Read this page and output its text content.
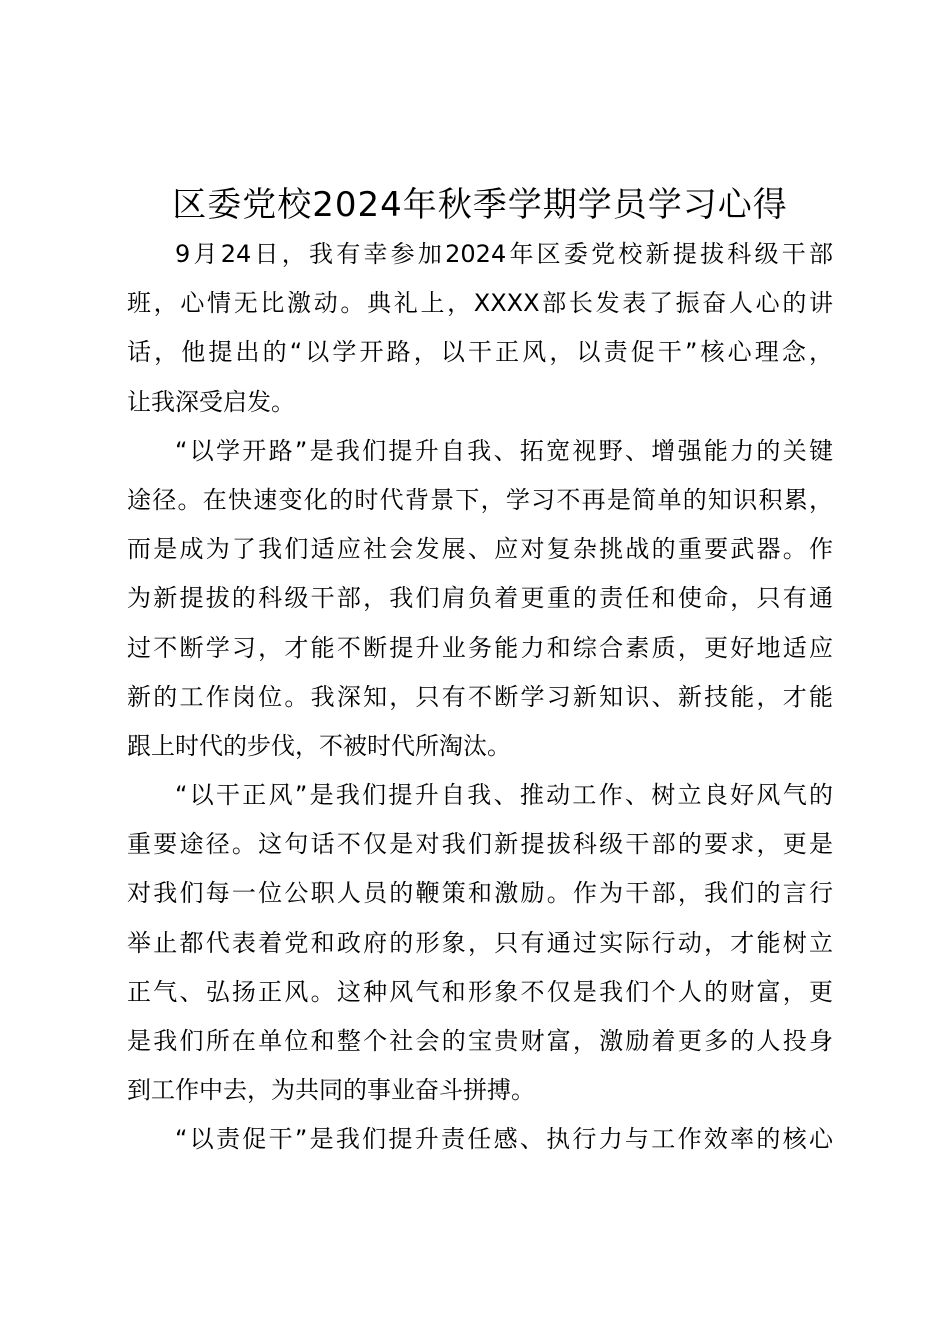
区委党校2024年秋季学期学员学习心得
9月24日，我有幸参加2024年区委党校新提拔科级干部
班，心情无比激动。典礼上，XXXX部长发表了振奋人心的讲
话，他提出的“以学开路，以干正风，以责促干”核心理念，
让我深受启发。
“以学开路”是我们提升自我、拓宽视野、增强能力的关键
途径。在快速变化的时代背景下，学习不再是简单的知识积累，
而是成为了我们适应社会发展、应对复杂挑战的重要武器。作
为新提拔的科级干部，我们肩负着更重的责任和使命，只有通
过不断学习，才能不断提升业务能力和综合素质，更好地适应
新的工作岗位。我深知，只有不断学习新知识、新技能，才能
跟上时代的步伐，不被时代所淘汰。
“以干正风”是我们提升自我、推动工作、树立良好风气的
重要途径。这句话不仅是对我们新提拔科级干部的要求，更是
对我们每一位公职人员的鞭策和激励。作为干部，我们的言行
举止都代表着党和政府的形象，只有通过实际行动，才能树立
正气、弘扬正风。这种风气和形象不仅是我们个人的财富，更
是我们所在单位和整个社会的宝贵财富，激励着更多的人投身
到工作中去，为共同的事业奋斗拼搏。
“以责促干”是我们提升责任感、执行力与工作效率的核心
